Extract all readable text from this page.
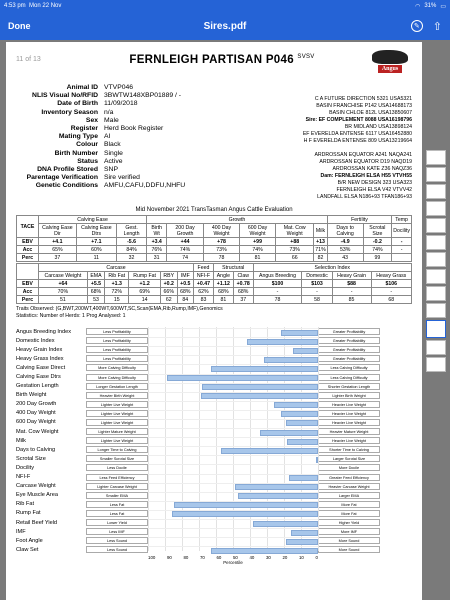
4:53 pm Mon 22 Nov	◠ 31% ▭
Done	Sires.pdf	✎ ⇧
11 of 13	FERNLEIGH PARTISAN P046 $^{SVSV}$
Angus
Animal ID VTVP046
NLIS Visual No/RFID 3BWTW148XBP01889 / -
Date of Birth 11/09/2018
Inventory Season n/a
Sex Male
Register Herd Book Register
Mating Type AI
Colour Black
Birth Number Single
Status Active
DNA Profile Stored SNP
Parentage Verification Sire verified
Genetic Conditions AMFU,CAFU,DDFU,NHFU
C A FUTURE DIRECTION 5321 USA5321
BASIN FRANCHISE P142 USA14688173
BASIN CHLOE 812L USA13850607
Sire: EF COMPLEMENT 8088 USA16198796
BR MIDLAND USA13898124
EF EVERELDA ENTENSE 6117 USA16452880
H F EVERELDA ENTENSE 809 USA13219664

ARDROSSAN EQUATOR A241 NAQA241
ARDROSSAN EQUATOR D19 NAQD19
ARDROSSAN KATE Z36 NAQZ36
Dam: FERNLEIGH ELSA H55 VTVH55
B/R NEW DESIGN 323 USA323
FERNLEIGH ELSA V42 VTVV42
LANDFALL ELSA N186+93 TFAN186+93
Mid November 2021 TransTasman Angus Cattle Evaluation
TACE	Calving Ease			Growth						Fertility		Temp
	Calving Ease Dir	Calving Ease Dtrs	Gest. Length	Birth Wt	200 Day Growth	400 Day Weight	600 Day Weight	Mat. Cow Weight	Milk	Days to Calving	Scrotal Size	Docility
EBV	+4.1	+7.1	-5.6	+3.4	+44	+78	+99	+88	+13	-4.9	-0.2	-
Acc	65%	60%	84%	76%	74%	73%	74%	73%	71%	53%	74%	-
Perc	37	11	32	31	74	78	81	66	82	43	99	
	Carcase						Feed	Structural		Selection Index			
	Carcase Weight	EMA	Rib Fat	Rump Fat	RBY	IMF	NFI-F	Angle	Claw	Angus Breeding	Domestic	Heavy Grain	Heavy Grass
EBV	+64	+5.5	+1.3	+1.2	+0.2	+0.5	+0.47	+1.12	+0.78	$100	$103	$88	$106
Acc	70%	68%	72%	69%	66%	68%	62%	68%	68%	-	-	-	-
Perc	51	53	15	14	62	84	83	81	37	78	58	85	68
Traits Observed: (G,BWT,200WT,400WT,600WT,SC,Scan(EMA,Rib,Rump,IMF),Genomics
Statistics: Number of Herds: 1 Prog Analysed: 1
Angus Breeding Index	Less Profitability	Greater Profitability
Domestic Index	Less Profitability	Greater Profitability
Heavy Grain Index	Less Profitability	Greater Profitability
Heavy Grass Index	Less Profitability	Greater Profitability
Calving Ease Direct	More Calving Difficulty	Less Calving Difficulty
Calving Ease Dtrs	More Calving Difficulty	Less Calving Difficulty
Gestation Length	Longer Gestation Length	Shorter Gestation Length
Birth Weight	Heavier Birth Weight	Lighter Birth Weight
200 Day Growth	Lighter Live Weight	Heavier Live Weight
400 Day Weight	Lighter Live Weight	Heavier Live Weight
600 Day Weight	Lighter Live Weight	Heavier Live Weight
Mat. Cow Weight	Lighter Mature Weight	Heavier Mature Weight
Milk	Lighter Live Weight	Heavier Live Weight
Days to Calving	Longer Time to Calving	Shorter Time to Calving
Scrotal Size	Smaller Scrotal Size	Larger Scrotal Size
Docility	Less Docile	More Docile
NFI-F	Less Feed Efficiency	Greater Feed Efficiency
Carcase Weight	Lighter Carcase Weight	Heavier Carcase Weight
Eye Muscle Area	Smaller EMA	Larger EMA
Rib Fat	Less Fat	More Fat
Rump Fat	Less Fat	More Fat
Retail Beef Yield	Lower Yield	Higher Yield
IMF	Less IMF	More IMF
Foot Angle	Less Sound	More Sound
Claw Set	Less Sound	More Sound
100	90	80	70	60	50	40	30	20	10	0
Percentile
